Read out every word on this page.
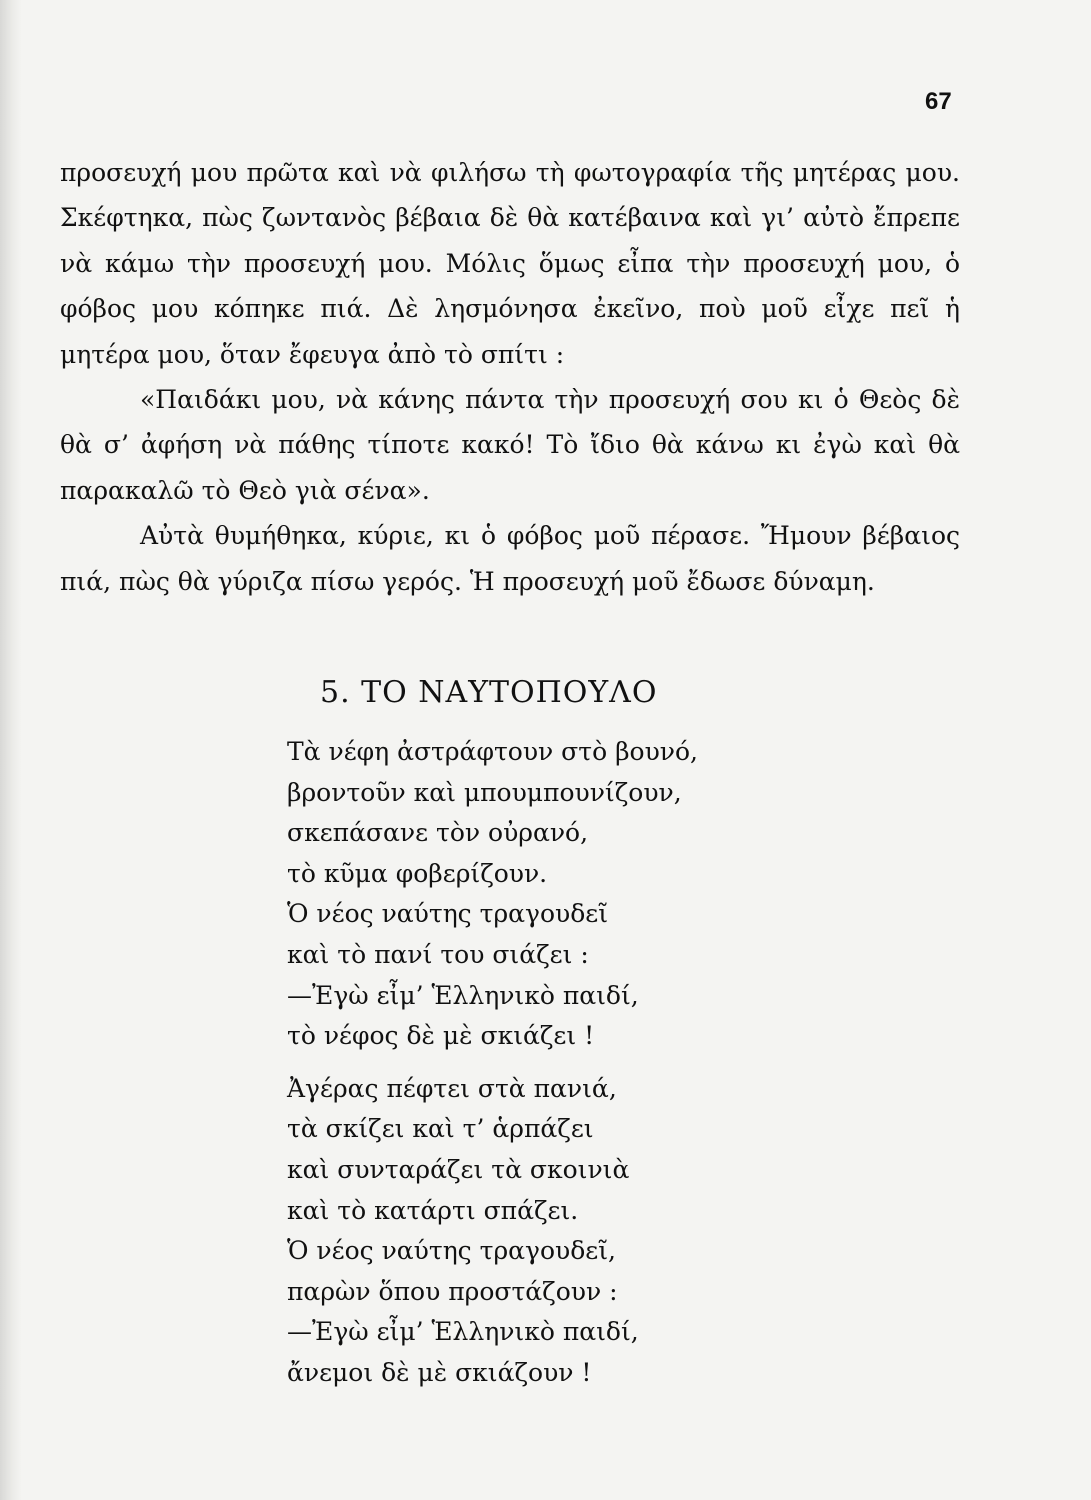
67

προσευχή μου πρῶτα καὶ νὰ φιλήσω τὴ φωτογραφία τῆς μητέρας μου. Σκέφτηκα, πὼς ζωντανὸς βέβαια δὲ θὰ κατέβαινα καὶ γι’ αὐτὸ ἔπρεπε νὰ κάμω τὴν προσευχή μου. Μόλις ὅμως εἶπα τὴν προσευχή μου, ὁ φόβος μου κόπηκε πιά. Δὲ λησμόνησα ἐκεῖνο, ποὺ μοῦ εἶχε πεῖ ἡ μητέρα μου, ὅταν ἔφευγα ἀπὸ τὸ σπίτι :

«Παιδάκι μου, νὰ κάνης πάντα τὴν προσευχή σου κι ὁ Θεὸς δὲ θὰ σ’ ἀφήση νὰ πάθης τίποτε κακό! Τὸ ἴδιο θὰ κάνω κι ἐγὼ καὶ θὰ παρακαλῶ τὸ Θεὸ γιὰ σένα».

Αὐτὰ θυμήθηκα, κύριε, κι ὁ φόβος μοῦ πέρασε. Ἤμουν βέβαιος πιά, πὼς θὰ γύριζα πίσω γερός. Ἡ προσευχή μοῦ ἔδωσε δύναμη.

5. ΤΟ ΝΑΥΤΟΠΟΥΛΟ
Τὰ νέφη ἀστράφτουν στὸ βουνό,
βροντοῦν καὶ μπουμπουνίζουν,
σκεπάσανε τὸν οὐρανό,
τὸ κῦμα φοβερίζουν.
Ὁ νέος ναύτης τραγουδεῖ
καὶ τὸ πανί του σιάζει :
—Ἐγὼ εἶμ’ Ἑλληνικὸ παιδί,
τὸ νέφος δὲ μὲ σκιάζει !
Ἀγέρας πέφτει στὰ πανιά,
τὰ σκίζει καὶ τ’ ἁρπάζει
καὶ συνταράζει τὰ σκοινιὰ
καὶ τὸ κατάρτι σπάζει.
Ὁ νέος ναύτης τραγουδεῖ,
παρὼν ὅπου προστάζουν :
—Ἐγὼ εἶμ’ Ἑλληνικὸ παιδί,
ἄνεμοι δὲ μὲ σκιάζουν !
